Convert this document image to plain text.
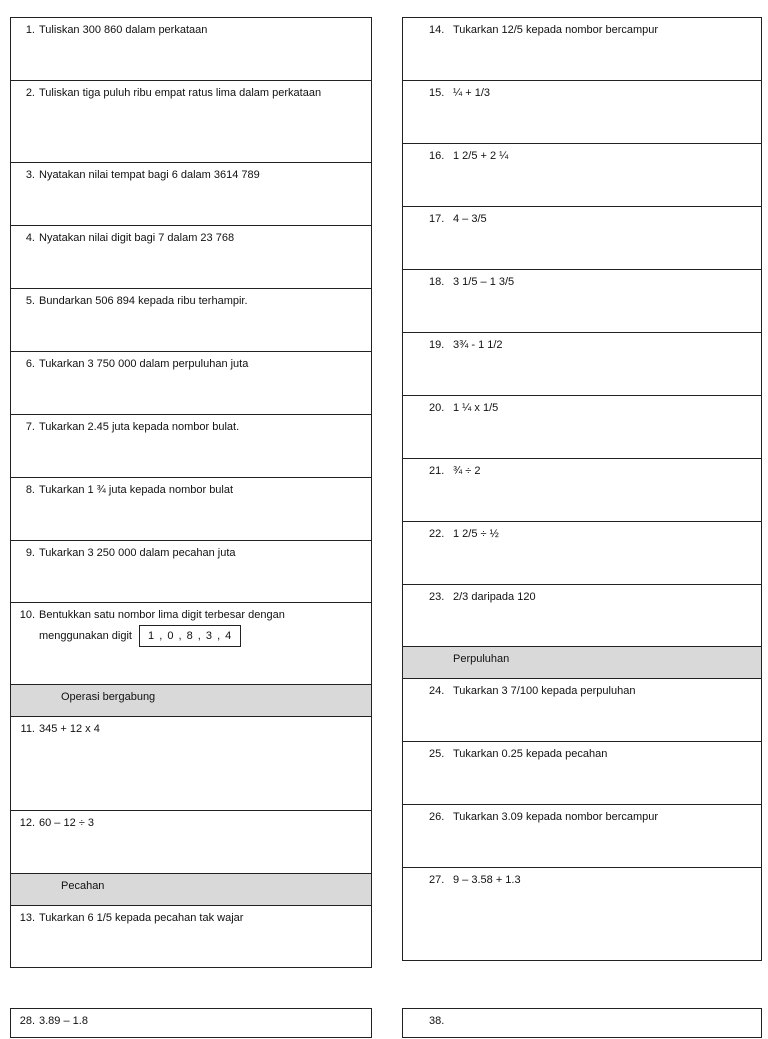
1. Tuliskan 300 860 dalam perkataan
2. Tuliskan tiga puluh ribu empat ratus lima dalam perkataan
3. Nyatakan nilai tempat bagi 6 dalam 3614 789
4. Nyatakan nilai digit bagi 7 dalam 23 768
5. Bundarkan 506 894 kepada ribu terhampir.
6. Tukarkan 3 750 000 dalam perpuluhan juta
7. Tukarkan 2.45 juta kepada nombor bulat.
8. Tukarkan 1 ¾ juta kepada nombor bulat
9. Tukarkan 3 250 000 dalam pecahan juta
10. Bentukkan satu nombor lima digit terbesar dengan
menggunakan digit 1 , 0 , 8 , 3 , 4
Operasi bergabung
11. 345 + 12 x 4
12. 60 – 12 ÷ 3
Pecahan
13. Tukarkan 6 1/5 kepada pecahan tak wajar
14. Tukarkan 12/5 kepada nombor bercampur
15. ¼ + 1/3
16. 1 2/5 + 2 ¼
17. 4 – 3/5
18. 3 1/5 – 1 3/5
19. 3¾ - 1 1/2
20. 1 ¼ x 1/5
21. ¾ ÷ 2
22. 1 2/5 ÷ ½
23. 2/3 daripada 120
Perpuluhan
24. Tukarkan 3 7/100 kepada perpuluhan
25. Tukarkan 0.25 kepada pecahan
26. Tukarkan 3.09 kepada nombor bercampur
27. 9 – 3.58 + 1.3
28. 3.89 – 1.8	38.
